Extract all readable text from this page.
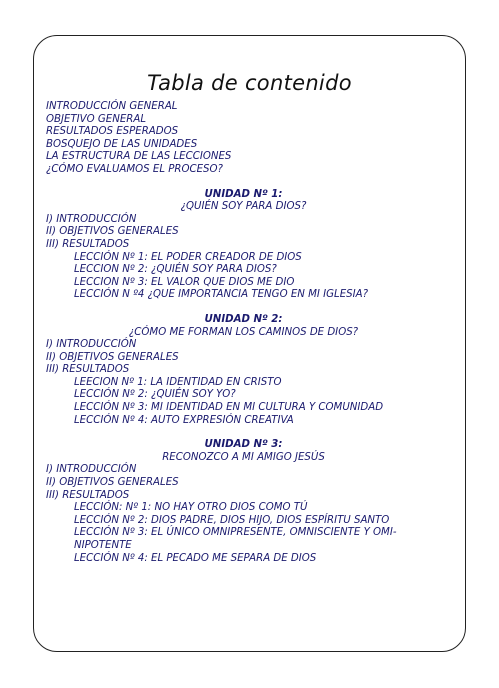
Tabla de contenido
INTRODUCCIÓN GENERAL
OBJETIVO GENERAL
RESULTADOS ESPERADOS
BOSQUEJO DE LAS UNIDADES
LA ESTRUCTURA DE LAS LECCIONES
¿CÓMO EVALUAMOS EL PROCESO?
UNIDAD Nº 1:
¿QUIÉN SOY PARA DIOS?
I) INTRODUCCIÓN
II) OBJETIVOS GENERALES
III) RESULTADOS
LECCIÓN Nº 1: EL PODER CREADOR DE DIOS
LECCION Nº 2: ¿QUIÉN SOY PARA DIOS?
LECCION Nº 3: EL VALOR QUE DIOS ME DIO
LECCIÓN N º4 ¿QUE IMPORTANCIA TENGO EN MI IGLESIA?
UNIDAD Nº 2:
¿CÓMO ME FORMAN LOS CAMINOS DE DIOS?
I) INTRODUCCIÓN
II) OBJETIVOS GENERALES
III) RESULTADOS
LEECION Nº 1: LA IDENTIDAD EN CRISTO
LECCIÓN Nº 2: ¿QUIÉN SOY YO?
LECCIÓN Nº 3: MI IDENTIDAD EN MI CULTURA Y COMUNIDAD
LECCIÓN Nº 4: AUTO EXPRESIÓN CREATIVA
UNIDAD Nº 3:
RECONOZCO A MI AMIGO JESÚS
I) INTRODUCCIÓN
II) OBJETIVOS GENERALES
III) RESULTADOS
LECCIÓN: Nº 1: NO HAY OTRO DIOS COMO TÚ
LECCIÓN Nº 2: DIOS PADRE, DIOS HIJO, DIOS ESPÍRITU SANTO
LECCIÓN Nº 3: EL ÚNICO OMNIPRESENTE, OMNISCIENTE Y OMI-
NIPOTENTE
LECCIÓN Nº 4: EL PECADO ME SEPARA DE DIOS
